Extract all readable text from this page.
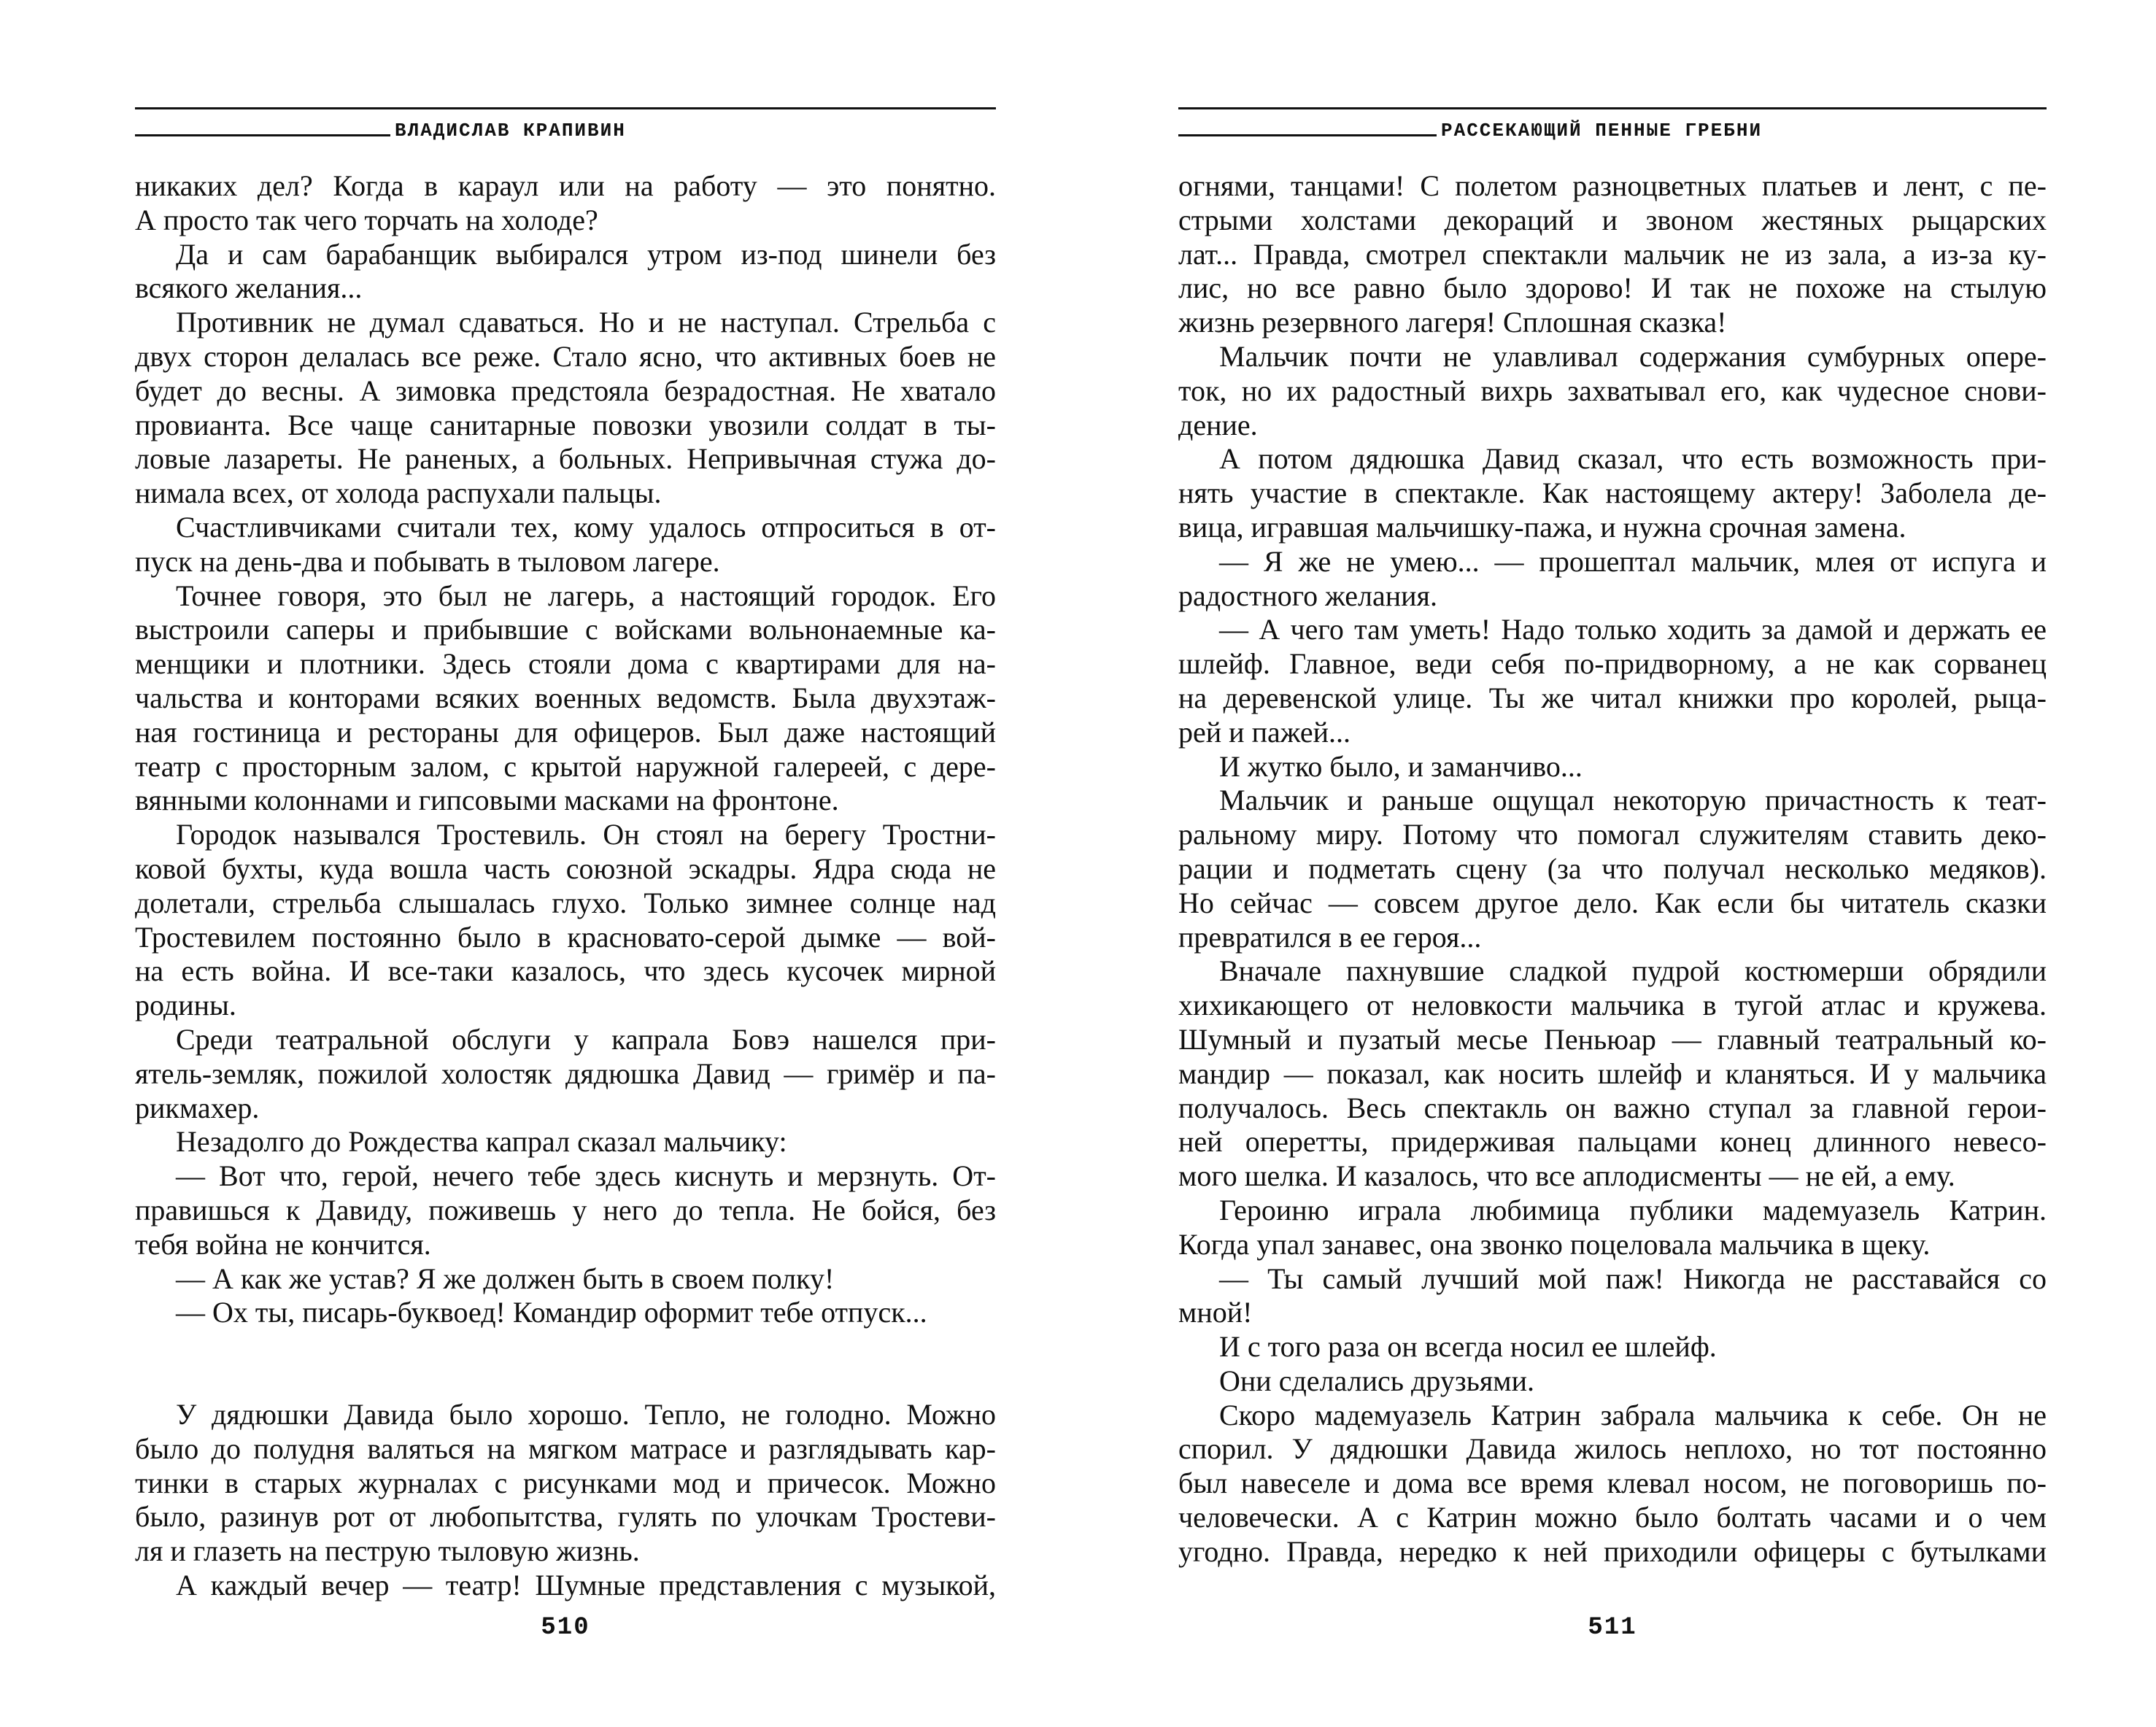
ВЛАДИСЛАВ КРАПИВИН
никаких дел? Когда в караул или на работу — это понятно.
А просто так чего торчать на холоде?
Да и сам барабанщик выбирался утром из-под шинели без
всякого желания...
Противник не думал сдаваться. Но и не наступал. Стрельба с
двух сторон делалась все реже. Стало ясно, что активных боев не
будет до весны. А зимовка предстояла безрадостная. Не хватало
провианта. Все чаще санитарные повозки увозили солдат в ты-
ловые лазареты. Не раненых, а больных. Непривычная стужа до-
нимала всех, от холода распухали пальцы.
Счастливчиками считали тех, кому удалось отпроситься в от-
пуск на день-два и побывать в тыловом лагере.
Точнее говоря, это был не лагерь, а настоящий городок. Его
выстроили саперы и прибывшие с войсками вольнонаемные ка-
менщики и плотники. Здесь стояли дома с квартирами для на-
чальства и конторами всяких военных ведомств. Была двухэтаж-
ная гостиница и рестораны для офицеров. Был даже настоящий
театр с просторным залом, с крытой наружной галереей, с дере-
вянными колоннами и гипсовыми масками на фронтоне.
Городок назывался Тростевиль. Он стоял на берегу Тростни-
ковой бухты, куда вошла часть союзной эскадры. Ядра сюда не
долетали, стрельба слышалась глухо. Только зимнее солнце над
Тростевилем постоянно было в красновато-серой дымке — вой-
на есть война. И все-таки казалось, что здесь кусочек мирной
родины.
Среди театральной обслуги у капрала Бовэ нашелся при-
ятель-земляк, пожилой холостяк дядюшка Давид — гримёр и па-
рикмахер.
Незадолго до Рождества капрал сказал мальчику:
— Вот что, герой, нечего тебе здесь киснуть и мерзнуть. От-
правишься к Давиду, поживешь у него до тепла. Не бойся, без
тебя война не кончится.
— А как же устав? Я же должен быть в своем полку!
— Ох ты, писарь-буквоед! Командир оформит тебе отпуск...
У дядюшки Давида было хорошо. Тепло, не голодно. Можно
было до полудня валяться на мягком матрасе и разглядывать кар-
тинки в старых журналах с рисунками мод и причесок. Можно
было, разинув рот от любопытства, гулять по улочкам Тростеви-
ля и глазеть на пеструю тыловую жизнь.
А каждый вечер — театр! Шумные представления с музыкой,
510
РАССЕКАЮЩИЙ ПЕННЫЕ ГРЕБНИ
огнями, танцами! С полетом разноцветных платьев и лент, с пе-
стрыми холстами декораций и звоном жестяных рыцарских
лат... Правда, смотрел спектакли мальчик не из зала, а из-за ку-
лис, но все равно было здорово! И так не похоже на стылую
жизнь резервного лагеря! Сплошная сказка!
Мальчик почти не улавливал содержания сумбурных опере-
ток, но их радостный вихрь захватывал его, как чудесное снови-
дение.
А потом дядюшка Давид сказал, что есть возможность при-
нять участие в спектакле. Как настоящему актеру! Заболела де-
вица, игравшая мальчишку-пажа, и нужна срочная замена.
— Я же не умею... — прошептал мальчик, млея от испуга и
радостного желания.
— А чего там уметь! Надо только ходить за дамой и держать ее
шлейф. Главное, веди себя по-придворному, а не как сорванец
на деревенской улице. Ты же читал книжки про королей, рыца-
рей и пажей...
И жутко было, и заманчиво...
Мальчик и раньше ощущал некоторую причастность к теат-
ральному миру. Потому что помогал служителям ставить деко-
рации и подметать сцену (за что получал несколько медяков).
Но сейчас — совсем другое дело. Как если бы читатель сказки
превратился в ее героя...
Вначале пахнувшие сладкой пудрой костюмерши обрядили
хихикающего от неловкости мальчика в тугой атлас и кружева.
Шумный и пузатый месье Пеньюар — главный театральный ко-
мандир — показал, как носить шлейф и кланяться. И у мальчика
получалось. Весь спектакль он важно ступал за главной герои-
ней оперетты, придерживая пальцами конец длинного невесо-
мого шелка. И казалось, что все аплодисменты — не ей, а ему.
Героиню играла любимица публики мадемуазель Катрин.
Когда упал занавес, она звонко поцеловала мальчика в щеку.
— Ты самый лучший мой паж! Никогда не расставайся со
мной!
И с того раза он всегда носил ее шлейф.
Они сделались друзьями.
Скоро мадемуазель Катрин забрала мальчика к себе. Он не
спорил. У дядюшки Давида жилось неплохо, но тот постоянно
был навеселе и дома все время клевал носом, не поговоришь по-
человечески. А с Катрин можно было болтать часами и о чем
угодно. Правда, нередко к ней приходили офицеры с бутылками
511
